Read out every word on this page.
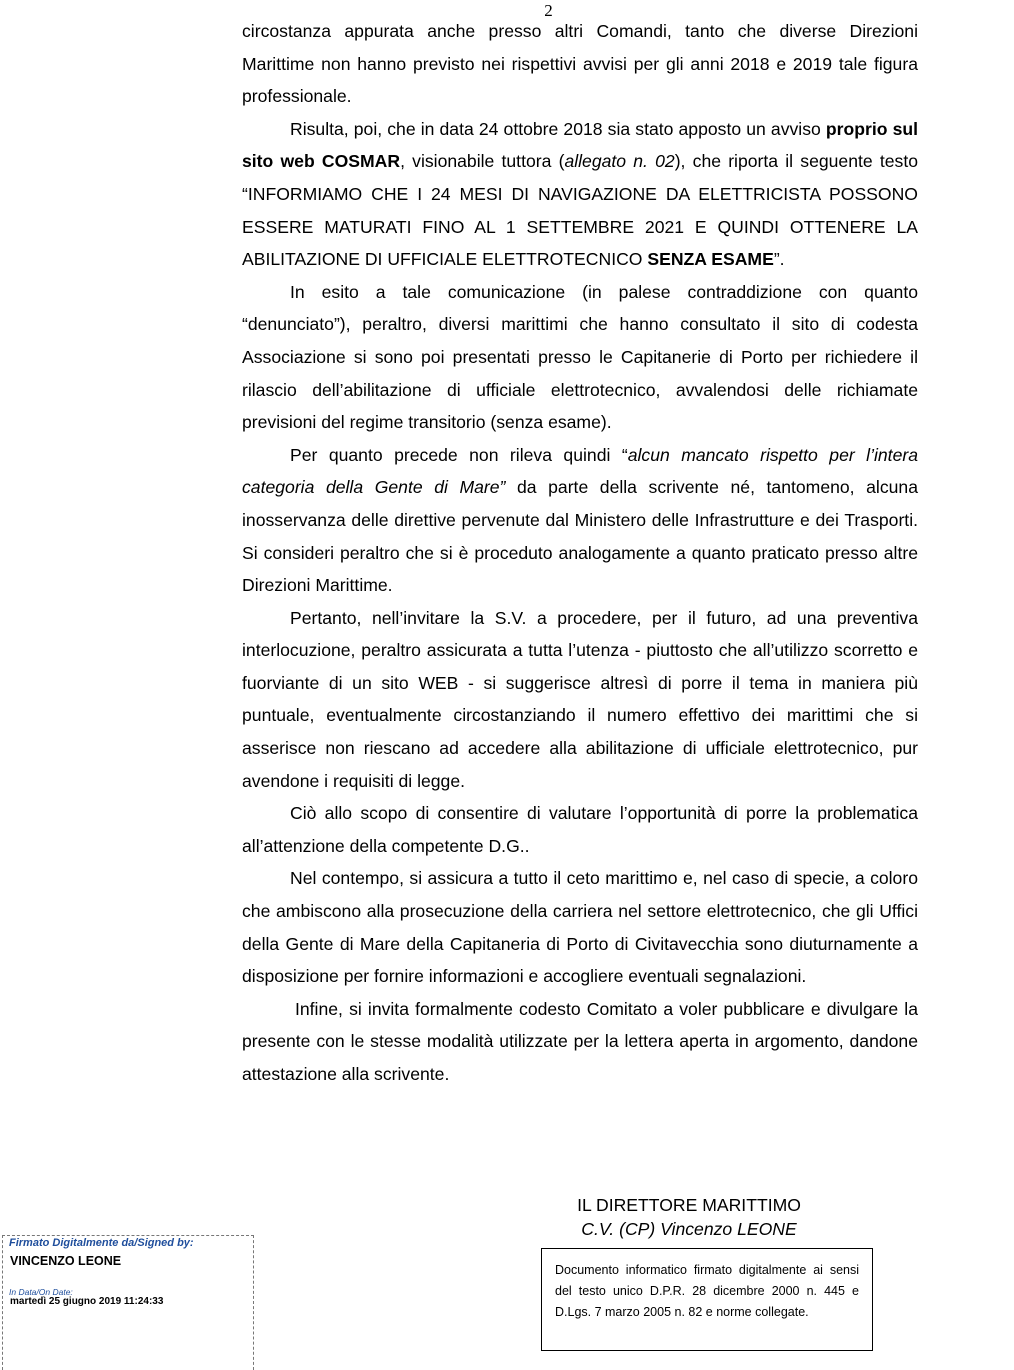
2

circostanza appurata anche presso altri Comandi, tanto che diverse Direzioni Marittime non hanno previsto nei rispettivi avvisi per gli anni 2018 e 2019 tale figura professionale.

Risulta, poi, che in data 24 ottobre 2018 sia stato apposto un avviso proprio sul sito web COSMAR, visionabile tuttora (allegato n. 02), che riporta il seguente testo “INFORMIAMO CHE I 24 MESI DI NAVIGAZIONE DA ELETTRICISTA POSSONO ESSERE MATURATI FINO AL 1 SETTEMBRE 2021 E QUINDI OTTENERE LA ABILITAZIONE DI UFFICIALE ELETTROTECNICO SENZA ESAME”.

In esito a tale comunicazione (in palese contraddizione con quanto “denunciato”), peraltro, diversi marittimi che hanno consultato il sito di codesta Associazione si sono poi presentati presso le Capitanerie di Porto per richiedere il rilascio dell’abilitazione di ufficiale elettrotecnico, avvalendosi delle richiamate previsioni del regime transitorio (senza esame).

Per quanto precede non rileva quindi “alcun mancato rispetto per l’intera categoria della Gente di Mare” da parte della scrivente né, tantomeno, alcuna inosservanza delle direttive pervenute dal Ministero delle Infrastrutture e dei Trasporti. Si consideri peraltro che si è proceduto analogamente a quanto praticato presso altre Direzioni Marittime.

Pertanto, nell’invitare la S.V. a procedere, per il futuro, ad una preventiva interlocuzione, peraltro assicurata a tutta l’utenza - piuttosto che all’utilizzo scorretto e fuorviante di un sito WEB - si suggerisce altresì di porre il tema in maniera più puntuale, eventualmente circostanziando il numero effettivo dei marittimi che si asserisce non riescano ad accedere alla abilitazione di ufficiale elettrotecnico, pur avendone i requisiti di legge.

Ciò allo scopo di consentire di valutare l’opportunità di porre la problematica all’attenzione della competente D.G..

Nel contempo, si assicura a tutto il ceto marittimo e, nel caso di specie, a coloro che ambiscono alla prosecuzione della carriera nel settore elettrotecnico, che gli Uffici della Gente di Mare della Capitaneria di Porto di Civitavecchia sono diuturnamente a disposizione per fornire informazioni e accogliere eventuali segnalazioni.

Infine, si invita formalmente codesto Comitato a voler pubblicare e divulgare la presente con le stesse modalità utilizzate per la lettera aperta in argomento, dandone attestazione alla scrivente.

IL DIRETTORE MARITTIMO
C.V. (CP) Vincenzo LEONE
Documento informatico firmato digitalmente ai sensi del testo unico D.P.R. 28 dicembre 2000 n. 445 e D.Lgs. 7 marzo 2005 n. 82 e norme collegate.
Firmato Digitalmente da/Signed by:
VINCENZO LEONE
In Data/On Date:
martedì 25 giugno 2019 11:24:33
